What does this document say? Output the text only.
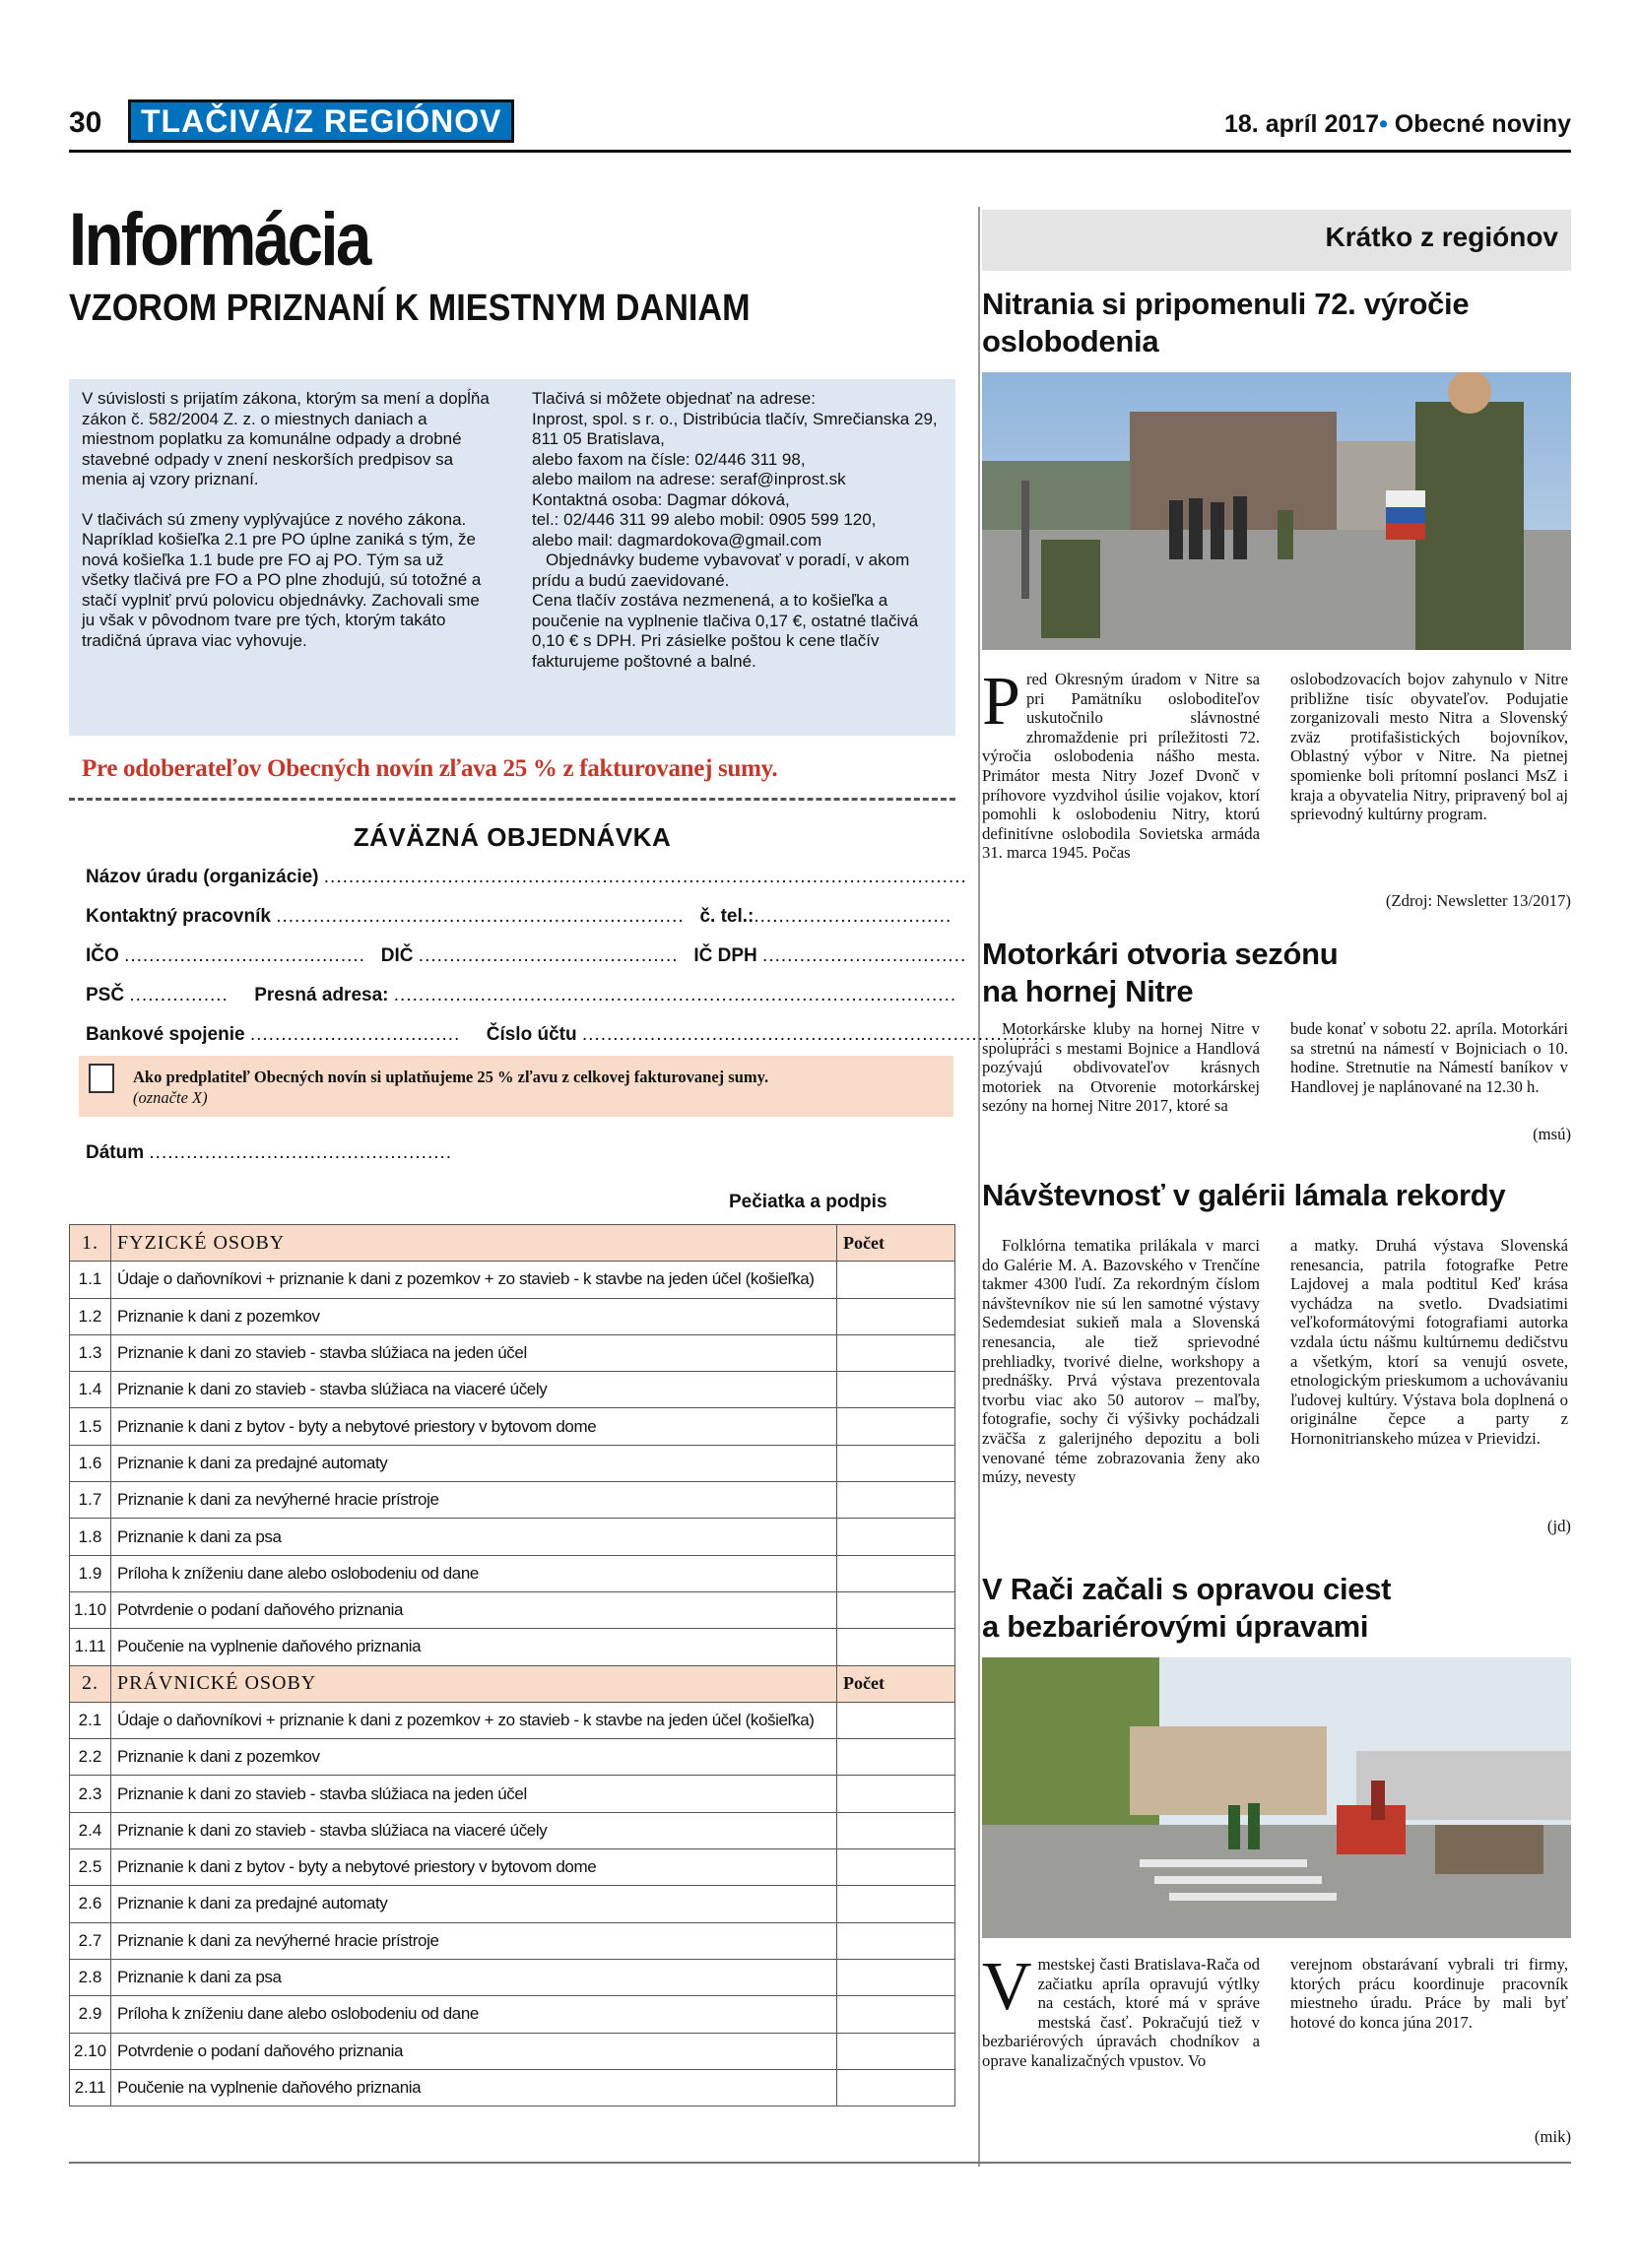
30	TLAČIVÁ/Z REGIÓNOV	18. apríl 2017• Obecné noviny
Informácia
VZOROM PRIZNANÍ K MIESTNYM DANIAM

V súvislosti s prijatím zákona, ktorým sa mení a dopĺňa zákon č. 582/2004 Z. z. o miestnych daniach a miestnom poplatku za komunálne odpady a drobné stavebné odpady v znení neskorších predpisov sa menia aj vzory priznaní.

V tlačivách sú zmeny vyplývajúce z nového zákona. Napríklad košieľka 2.1 pre PO úplne zaniká s tým, že nová košieľka 1.1 bude pre FO aj PO. Tým sa už všetky tlačivá pre FO a PO plne zhodujú, sú totožné a stačí vyplniť prvú polovicu objednávky. Zachovali sme ju však v pôvodnom tvare pre tých, ktorým takáto tradičná úprava viac vyhovuje.

Tlačivá si môžete objednať na adrese:
Inprost, spol. s r. o., Distribúcia tlačív, Smrečianska 29, 811 05 Bratislava,
alebo faxom na čísle: 02/446 311 98,
alebo mailom na adrese: seraf@inprost.sk
Kontaktná osoba: Dagmar dóková,
tel.: 02/446 311 99 alebo mobil: 0905 599 120,
alebo mail: dagmardokova@gmail.com
Objednávky budeme vybavovať v poradí, v akom prídu a budú zaevidované.
Cena tlačív zostáva nezmenená, a to košieľka a poučenie na vyplnenie tlačiva 0,17 €, ostatné tlačivá 0,10 € s DPH. Pri zásielke poštou k cene tlačív fakturujeme poštovné a balné.
Pre odoberateľov Obecných novín zľava 25 % z fakturovanej sumy.
ZÁVÄZNÁ OBJEDNÁVKA
Názov úradu (organizácie) ........................................................................................................
Kontaktný pracovník .................................................................. č. tel.:................................
IČO ....................................... DIČ .......................................... IČ DPH .................................
PSČ ................ Presná adresa: ...........................................................................................
Bankové spojenie .................................. Číslo účtu ...........................................................................
Ako predplatiteľ Obecných novín si uplatňujeme 25 % zľavu z celkovej fakturovanej sumy.
(označte X)
Dátum .................................................
Pečiatka a podpis
1.	FYZICKÉ OSOBY	Počet
1.1	Údaje o daňovníkovi + priznanie k dani z pozemkov + zo stavieb - k stavbe na jeden účel (košieľka)	
1.2	Priznanie k dani z pozemkov	
1.3	Priznanie k dani zo stavieb - stavba slúžiaca na jeden účel	
1.4	Priznanie k dani zo stavieb - stavba slúžiaca na viaceré účely	
1.5	Priznanie k dani z bytov - byty a nebytové priestory v bytovom dome	
1.6	Priznanie k dani za predajné automaty	
1.7	Priznanie k dani za nevýherné hracie prístroje	
1.8	Priznanie k dani za psa	
1.9	Príloha k zníženiu dane alebo oslobodeniu od dane	
1.10	Potvrdenie o podaní daňového priznania	
1.11	Poučenie na vyplnenie daňového priznania	
2.	PRÁVNICKÉ OSOBY	Počet
2.1	Údaje o daňovníkovi + priznanie k dani z pozemkov + zo stavieb - k stavbe na jeden účel (košieľka)	
2.2	Priznanie k dani z pozemkov	
2.3	Priznanie k dani zo stavieb - stavba slúžiaca na jeden účel	
2.4	Priznanie k dani zo stavieb - stavba slúžiaca na viaceré účely	
2.5	Priznanie k dani z bytov - byty a nebytové priestory v bytovom dome	
2.6	Priznanie k dani za predajné automaty	
2.7	Priznanie k dani za nevýherné hracie prístroje	
2.8	Priznanie k dani za psa	
2.9	Príloha k zníženiu dane alebo oslobodeniu od dane	
2.10	Potvrdenie o podaní daňového priznania	
2.11	Poučenie na vyplnenie daňového priznania	
Krátko z regiónov
Nitrania si pripomenuli 72. výročie oslobodenia
Pred Okresným úradom v Nitre sa pri Pamätníku osloboditeľov uskutočnilo slávnostné zhromaždenie pri príležitosti 72. výročia oslobodenia nášho mesta. Primátor mesta Nitry Jozef Dvonč v príhovore vyzdvihol úsilie vojakov, ktorí pomohli k oslobodeniu Nitry, ktorú definitívne oslobodila Sovietska armáda 31. marca 1945. Počas
oslobodzovacích bojov zahynulo v Nitre približne tisíc obyvateľov. Podujatie zorganizovali mesto Nitra a Slovenský zväz protifašistických bojovníkov, Oblastný výbor v Nitre. Na pietnej spomienke boli prítomní poslanci MsZ i kraja a obyvatelia Nitry, pripravený bol aj sprievodný kultúrny program.
(Zdroj: Newsletter 13/2017)
Motorkári otvoria sezónu
na hornej Nitre
Motorkárske kluby na hornej Nitre v spolupráci s mestami Bojnice a Handlová pozývajú obdivovateľov krásnych motoriek na Otvorenie motorkárskej sezóny na hornej Nitre 2017, ktoré sa
bude konať v sobotu 22. apríla. Motorkári sa stretnú na námestí v Bojniciach o 10. hodine. Stretnutie na Námestí baníkov v Handlovej je naplánované na 12.30 h.
(msú)
Návštevnosť v galérii lámala rekordy
Folklórna tematika prilákala v marci do Galérie M. A. Bazovského v Trenčíne takmer 4300 ľudí. Za rekordným číslom návštevníkov nie sú len samotné výstavy Sedemdesiat sukieň mala a Slovenská renesancia, ale tiež sprievodné prehliadky, tvorivé dielne, workshopy a prednášky. Prvá výstava prezentovala tvorbu viac ako 50 autorov – maľby, fotografie, sochy či výšivky pochádzali zväčša z galerijného depozitu a boli venované téme zobrazovania ženy ako múzy, nevesty
a matky. Druhá výstava Slovenská renesancia, patrila fotografke Petre Lajdovej a mala podtitul Keď krása vychádza na svetlo. Dvadsiatimi veľkoformátovými fotografiami autorka vzdala úctu nášmu kultúrnemu dedičstvu a všetkým, ktorí sa venujú osvete, etnologickým prieskumom a uchovávaniu ľudovej kultúry. Výstava bola doplnená o originálne čepce a party z Hornonitrianskeho múzea v Prievidzi.
(jd)
V Rači začali s opravou ciest
a bezbariérovými úpravami
Vmestskej časti Bratislava-Rača od začiatku apríla opravujú výtlky na cestách, ktoré má v správe mestská časť. Pokračujú tiež v bezbariérových úpravách chodníkov a oprave kanalizačných vpustov. Vo
verejnom obstarávaní vybrali tri firmy, ktorých prácu koordinuje pracovník miestneho úradu. Práce by mali byť hotové do konca júna 2017.
(mik)
